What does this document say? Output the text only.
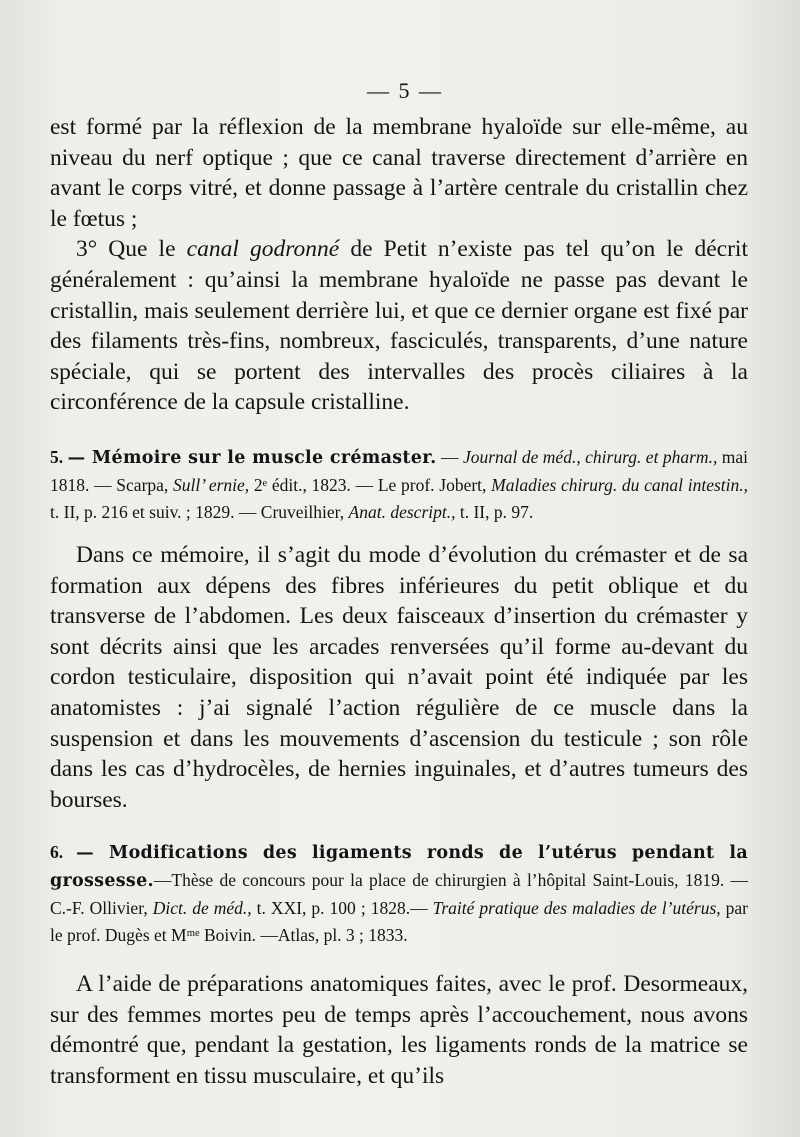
— 5 —

est formé par la réflexion de la membrane hyaloïde sur elle-même, au niveau du nerf optique ; que ce canal traverse directement d’arrière en avant le corps vitré, et donne passage à l’artère centrale du cristallin chez le fœtus ;

3° Que le canal godronné de Petit n’existe pas tel qu’on le décrit généralement : qu’ainsi la membrane hyaloïde ne passe pas devant le cristallin, mais seulement derrière lui, et que ce dernier organe est fixé par des filaments très-fins, nombreux, fasciculés, transparents, d’une nature spéciale, qui se portent des intervalles des procès ciliaires à la circonférence de la capsule cristalline.

5. — Mémoire sur le muscle crémaster. — Journal de méd., chirurg. et pharm., mai 1818. — Scarpa, Sull’ ernie, 2ᵉ édit., 1823. — Le prof. Jobert, Maladies chirurg. du canal intestin., t. II, p. 216 et suiv. ; 1829. — Cruveilhier, Anat. descript., t. II, p. 97.

Dans ce mémoire, il s’agit du mode d’évolution du crémaster et de sa formation aux dépens des fibres inférieures du petit oblique et du transverse de l’abdomen. Les deux faisceaux d’insertion du crémaster y sont décrits ainsi que les arcades renversées qu’il forme au-devant du cordon testiculaire, disposition qui n’avait point été indiquée par les anatomistes : j’ai signalé l’action régulière de ce muscle dans la suspension et dans les mouvements d’ascension du testicule ; son rôle dans les cas d’hydrocèles, de hernies inguinales, et d’autres tumeurs des bourses.

6. — Modifications des ligaments ronds de l’utérus pendant la grossesse.—Thèse de concours pour la place de chirurgien à l’hôpital Saint-Louis, 1819. — C.-F. Ollivier, Dict. de méd., t. XXI, p. 100 ; 1828.— Traité pratique des maladies de l’utérus, par le prof. Dugès et Mᵐᵉ Boivin. —Atlas, pl. 3 ; 1833.

A l’aide de préparations anatomiques faites, avec le prof. Desormeaux, sur des femmes mortes peu de temps après l’accouchement, nous avons démontré que, pendant la gestation, les ligaments ronds de la matrice se transforment en tissu musculaire, et qu’ils
